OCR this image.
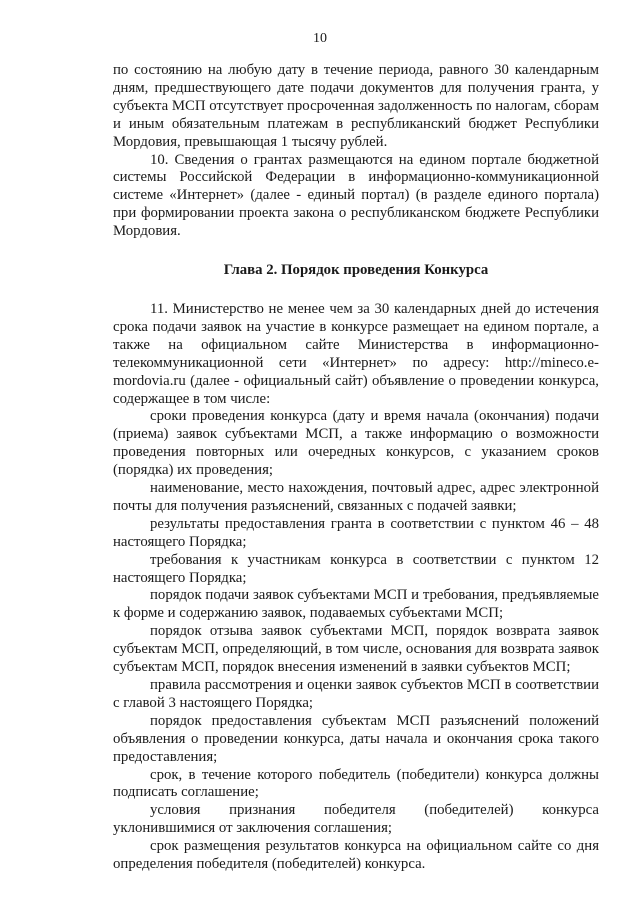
10

по состоянию на любую дату в течение периода, равного 30 календарным дням, предшествующего дате подачи документов для получения гранта, у субъекта МСП отсутствует просроченная задолженность по налогам, сборам и иным обязательным платежам в республиканский бюджет Республики Мордовия, превышающая 1 тысячу рублей.

10. Сведения о грантах размещаются на едином портале бюджетной системы Российской Федерации в информационно-коммуникационной системе «Интернет» (далее - единый портал) (в разделе единого портала) при формировании проекта закона о республиканском бюджете Республики Мордовия.

Глава 2. Порядок проведения Конкурса

11. Министерство не менее чем за 30 календарных дней до истечения срока подачи заявок на участие в конкурсе размещает на едином портале, а также на официальном сайте Министерства в информационно-телекоммуникационной сети «Интернет» по адресу: http://mineco.e-mordovia.ru (далее - официальный сайт) объявление о проведении конкурса, содержащее в том числе:

сроки проведения конкурса (дату и время начала (окончания) подачи (приема) заявок субъектами МСП, а также информацию о возможности проведения повторных или очередных конкурсов, с указанием сроков (порядка) их проведения;

наименование, место нахождения, почтовый адрес, адрес электронной почты для получения разъяснений, связанных с подачей заявки;

результаты предоставления гранта в соответствии с пунктом 46 – 48 настоящего Порядка;

требования к участникам конкурса в соответствии с пунктом 12 настоящего Порядка;

порядок подачи заявок субъектами МСП и требования, предъявляемые к форме и содержанию заявок, подаваемых субъектами МСП;

порядок отзыва заявок субъектами МСП, порядок возврата заявок субъектам МСП, определяющий, в том числе, основания для возврата заявок субъектам МСП, порядок внесения изменений в заявки субъектов МСП;

правила рассмотрения и оценки заявок субъектов МСП в соответствии с главой 3 настоящего Порядка;

порядок предоставления субъектам МСП разъяснений положений объявления о проведении конкурса, даты начала и окончания срока такого предоставления;

срок, в течение которого победитель (победители) конкурса должны подписать соглашение;

условия признания победителя (победителей) конкурса уклонившимися от заключения соглашения;

срок размещения результатов конкурса на официальном сайте со дня определения победителя (победителей) конкурса.
